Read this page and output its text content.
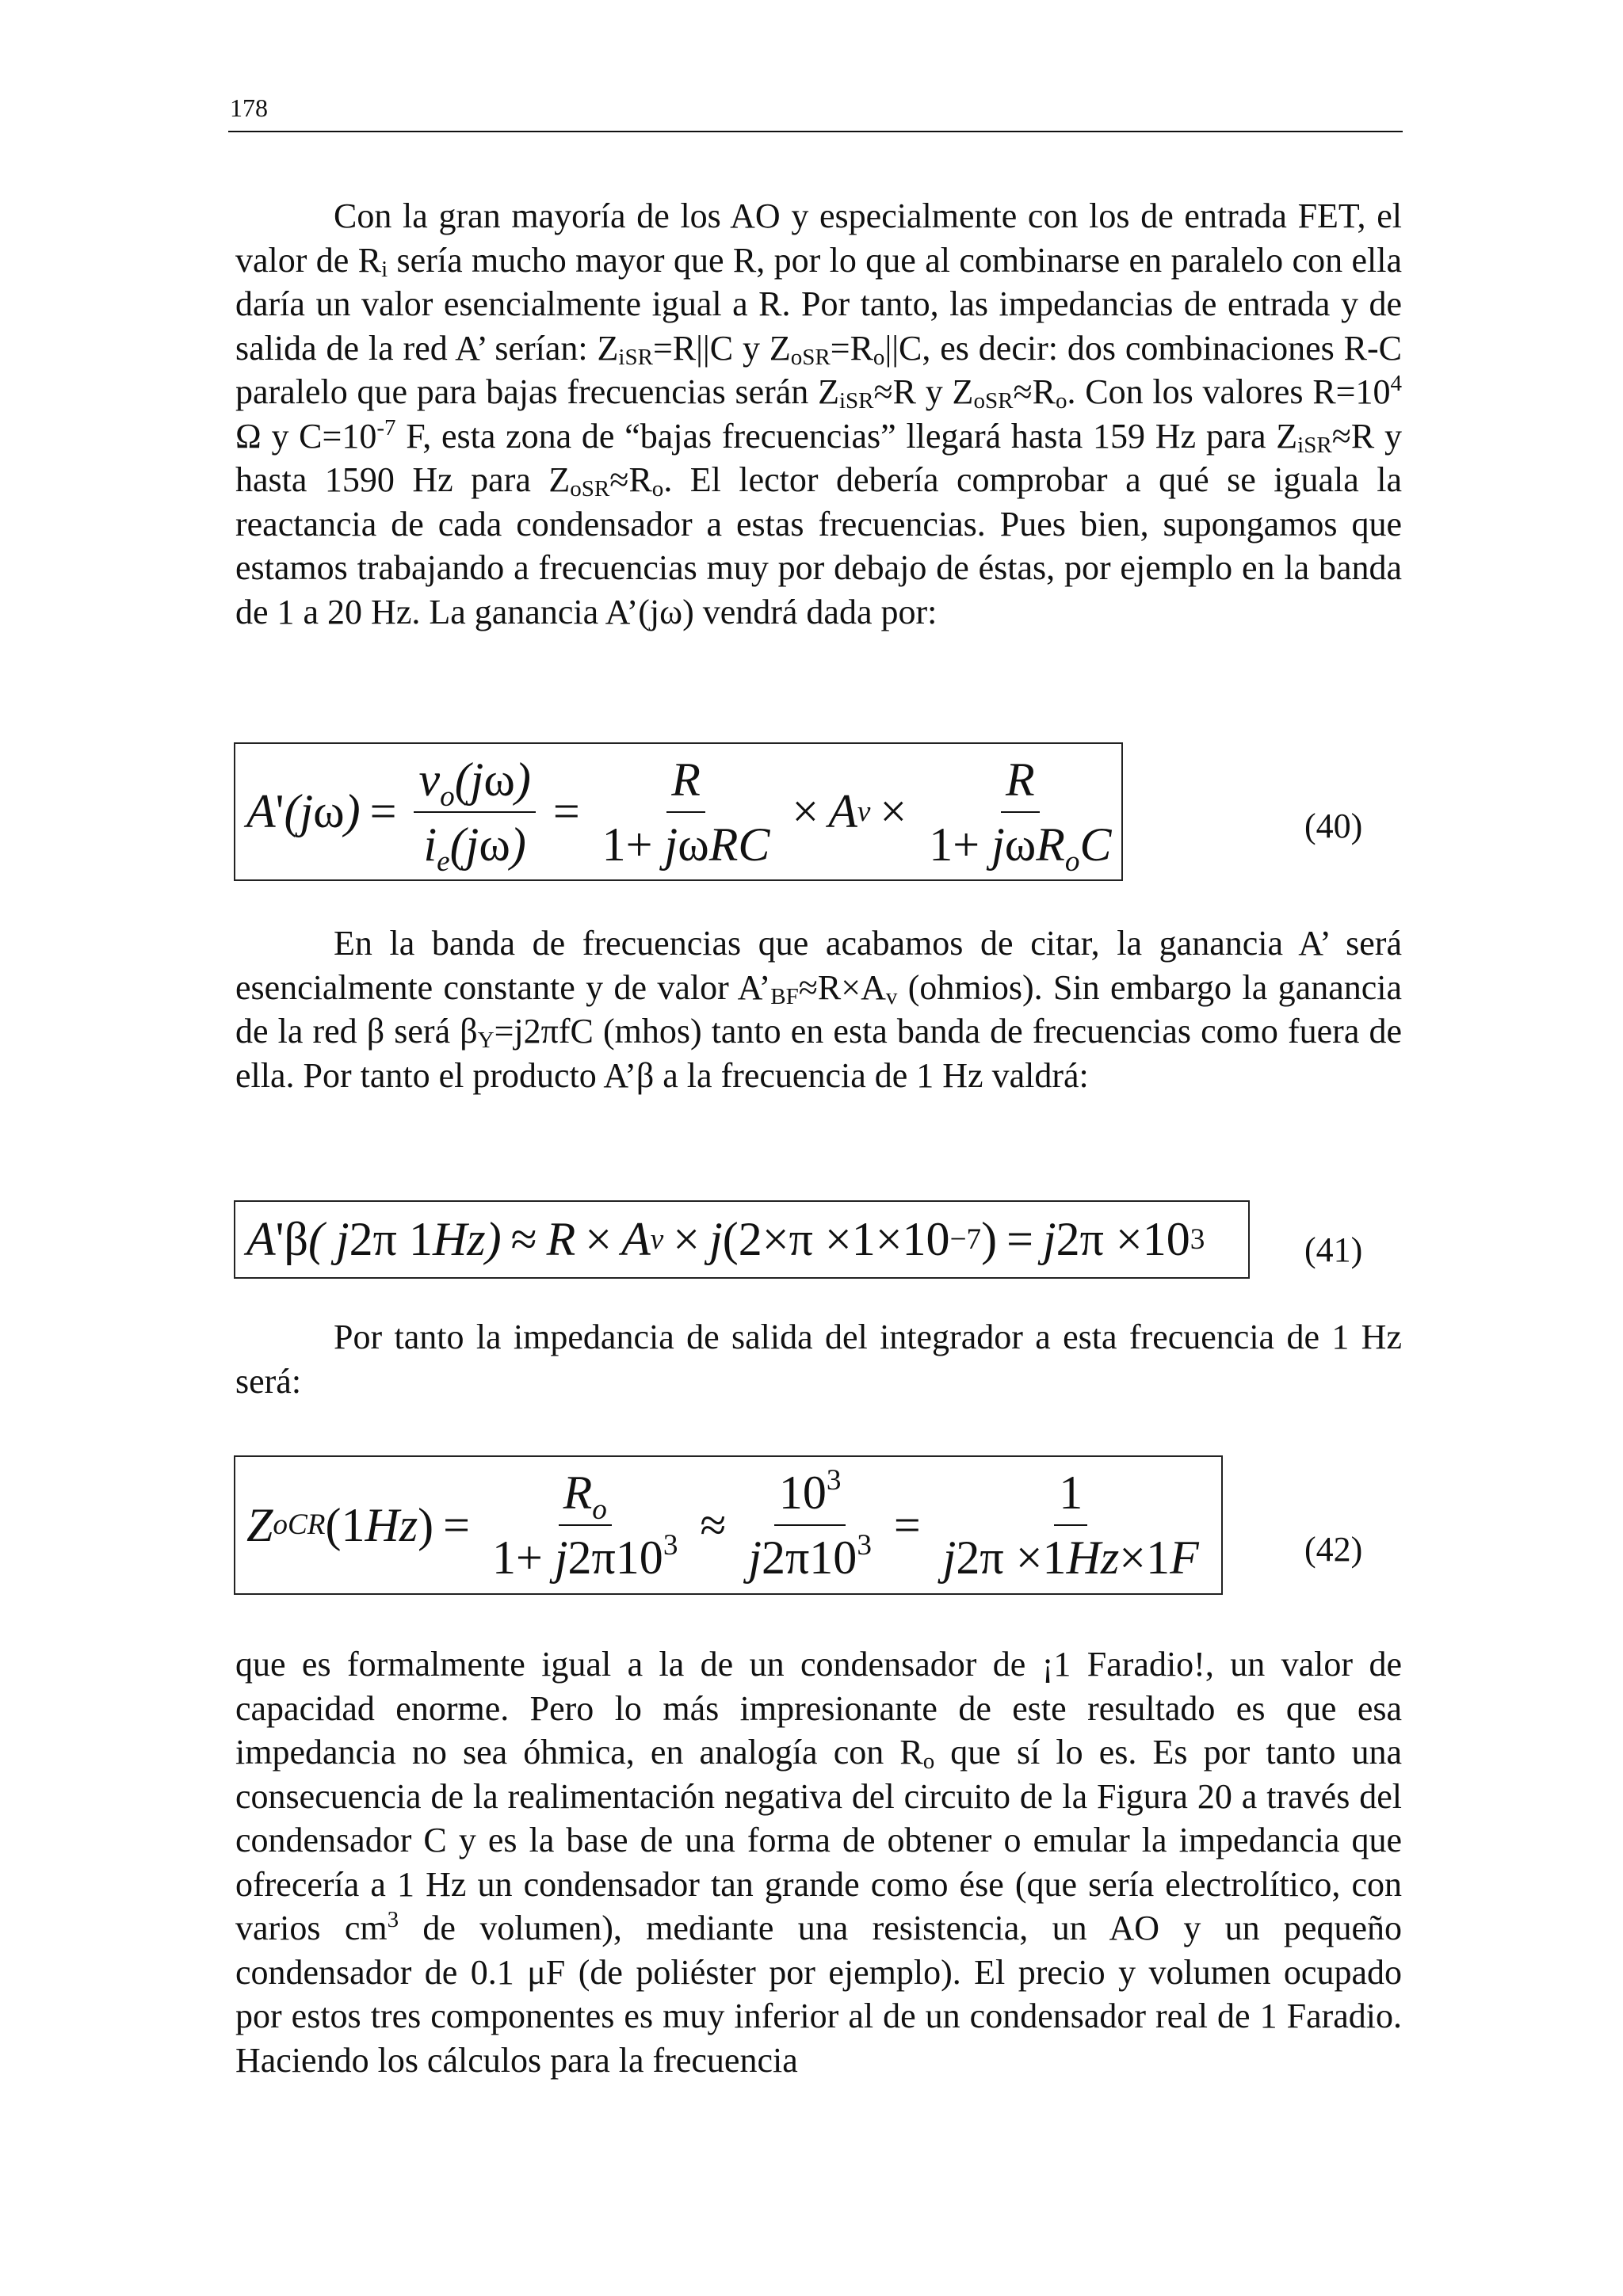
178

Con la gran mayoría de los AO y especialmente con los de entrada FET, el valor de $R_i$ sería mucho mayor que R, por lo que al combinarse en paralelo con ella daría un valor esencialmente igual a R. Por tanto, las impedancias de entrada y de salida de la red A’ serían: $Z_{iSR}=R||C$ y $Z_{oSR}=R_o||C$, es decir: dos combinaciones R-C paralelo que para bajas frecuencias serán $Z_{iSR}\approx R$ y $Z_{oSR}\approx R_o$. Con los valores $R=10^4$ Ω y $C=10^{-7}$ F, esta zona de “bajas frecuencias” llegará hasta 159 Hz para $Z_{iSR}\approx R$ y hasta 1590 Hz para $Z_{oSR}\approx R_o$. El lector debería comprobar a qué se iguala la reactancia de cada condensador a estas frecuencias. Pues bien, supongamos que estamos trabajando a frecuencias muy por debajo de éstas, por ejemplo en la banda de 1 a 20 Hz. La ganancia A’(jω) vendrá dada por:

A ' ( j ω ) = $\frac{v_o(j\omega)}{i_e(j\omega)} = \frac{R}{\text{1+ jωRC}} \times A$ $v \times \frac{R}{1+ j\omega R_oC}$	(40)

En la banda de frecuencias que acabamos de citar, la ganancia A’ será esencialmente constante y de valor $A’_{BF}\approx R\times A_v$ (ohmios). Sin embargo la ganancia de la red β será $\beta_Y=j2\pi fC$ (mhos) tanto en esta banda de frecuencias como fuera de ella. Por tanto el producto A’β a la frecuencia de 1 Hz valdrá:

A ' β ( j 2π 1 Hz) ≈ R × A v × j (2×π ×1×10 −7 ) = j 2π ×10 3	(41)

Por tanto la impedancia de salida del integrador a esta frecuencia de 1 Hz será:

Z oCR (1 Hz ) = $\frac{R_o}{1+ j2\pi 10^3} \approx \frac{10^3}{j2\pi 10^3} = \frac{1}{j2\pi \times 1Hz\times 1F}$	(42)

que es formalmente igual a la de un condensador de ¡1 Faradio!, un valor de capacidad enorme. Pero lo más impresionante de este resultado es que esa impedancia no sea óhmica, en analogía con $R_o$ que sí lo es. Es por tanto una consecuencia de la realimentación negativa del circuito de la Figura 20 a través del condensador C y es la base de una forma de obtener o emular la impedancia que ofrecería a 1 Hz un condensador tan grande como ése (que sería electrolítico, con varios $cm^3$ de volumen), mediante una resistencia, un AO y un pequeño condensador de 0.1 μF (de poliéster por ejemplo). El precio y volumen ocupado por estos tres componentes es muy inferior al de un condensador real de 1 Faradio. Haciendo los cálculos para la frecuencia
